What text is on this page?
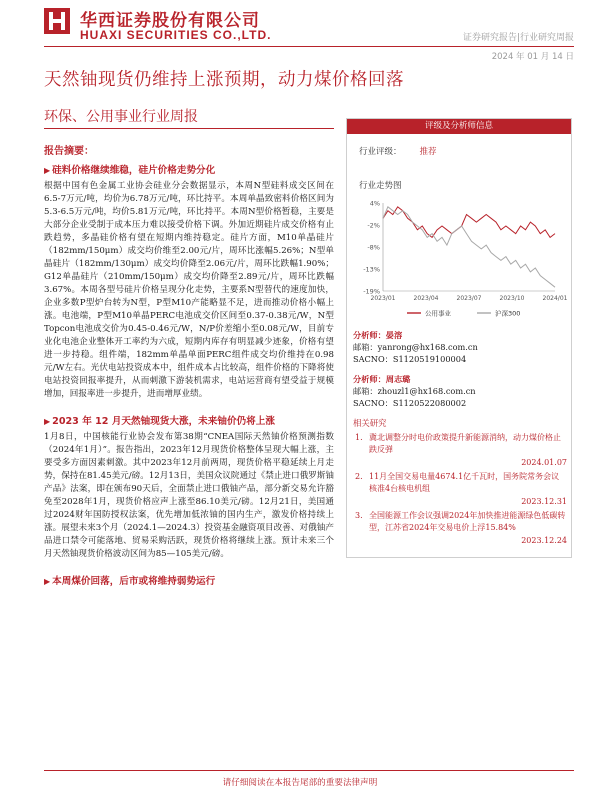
华西证券股份有限公司
HUAXI SECURITIES CO.,LTD.	证券研究报告|行业研究周报
2024 年 01 月 14 日
天然铀现货仍维持上涨预期，动力煤价格回落
环保、公用事业行业周报
报告摘要：
▶ 硅料价格继续维稳，硅片价格走势分化

根据中国有色金属工业协会硅业分会数据显示，本周N型硅料成交区间在6.5-7万元/吨，均价为6.78万元/吨，环比持平。本周单晶致密料价格区间为5.3-6.5万元/吨，均价5.81万元/吨，环比持平。本周N型价格暂稳，主要是大部分企业受制于成本压力难以接受价格下调。外加近期硅片成交价格有止跌趋势，多晶硅价格有望在短期内维持稳定。硅片方面，M10单晶硅片（182mm/150μm）成交均价维至2.00元/片，周环比涨幅5.26%；N型单晶硅片（182mm/130μm）成交均价降至2.06元/片，周环比跌幅1.90%；G12单晶硅片（210mm/150μm）成交均价降至2.89元/片，周环比跌幅3.67%。本周各型号硅片价格呈现分化走势，主要系N型替代的速度加快，企业多数P型炉台转为N型，P型M10产能略显不足，进而推动价格小幅上涨。电池端，P型M10单晶PERC电池成交价区间至0.37-0.38元/W，N型Topcon电池成交价为0.45-0.46元/W，N/P价差缩小至0.08元/W，目前专业化电池企业整体开工率约为六成，短期内库存有明显减少迹象，价格有望进一步持稳。组件端，182mm单晶单面PERC组件成交均价维持在0.98元/W左右。光伏电站投资成本中，组件成本占比较高，组件价格的下降将使电站投资回报率提升，从而刺激下游装机需求，电站运营商有望受益于规模增加，回报率进一步提升，进而增厚业绩。

▶ 2023 年 12 月天然铀现货大涨，未来铀价仍将上涨

1月8日，中国核能行业协会发布第38期“CNEA国际天然铀价格预测指数（2024年1月）”。报告指出，2023年12月现货价格整体呈现大幅上涨，主要受多方面因素刺激。其中2023年12月前两周，现货价格平稳延续上月走势，保持在81.45美元/磅。12月13日，美国众议院通过《禁止进口俄罗斯铀产品》法案，即在颁布90天后，全面禁止进口俄铀产品，部分新交易允许豁免至2028年1月，现货价格应声上涨至86.10美元/磅。12月21日，美国通过2024财年国防授权法案，优先增加低浓铀的国内生产，激发价格持续上涨。展望未来3个月（2024.1—2024.3）投资基金融资项目改善、对俄铀产品进口禁令可能落地、贸易采购活跃，现货价格将继续上涨。预计未来三个月天然铀现货价格波动区间为85—105美元/磅。

▶ 本周煤价回落，后市或将维持弱势运行
评级及分析师信息
行业评级： 推荐
行业走势图
4%
-2%
-8%
-13%
-19%
2023/01	2023/04	2023/07	2023/10	2024/01
公用事业	沪深300
分析师：晏溶
邮箱：yanrong@hx168.com.cn
SACNO：S1120519100004
分析师：周志璐
邮箱：zhouzl1@hx168.com.cn
SACNO：S1120522080002
相关研究
1. 冀北调整分时电价政策提升新能源消纳，动力煤价格止跌反弹
2024.01.07
2. 11月全国交易电量4674.1亿千瓦时，国务院常务会议核准4台核电机组
2023.12.31
3. 全国能源工作会议强调2024年加快推进能源绿色低碳转型，江苏省2024年交易电价上浮15.84%
2023.12.24
请仔细阅读在本报告尾部的重要法律声明
